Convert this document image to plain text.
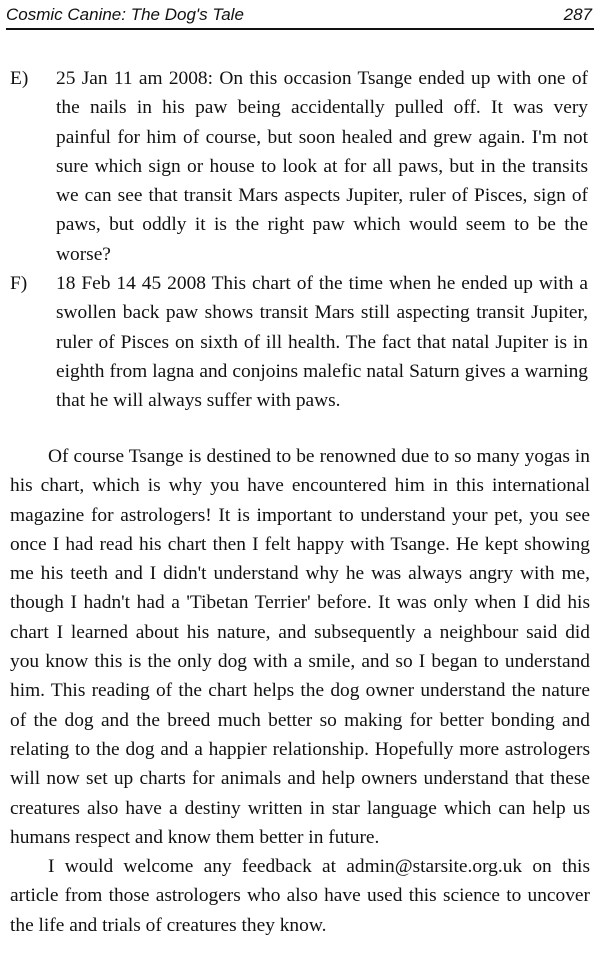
Cosmic Canine: The Dog's Tale	287
E)	25 Jan 11 am 2008: On this occasion Tsange ended up with one of the nails in his paw being accidentally pulled off. It was very painful for him of course, but soon healed and grew again. I'm not sure which sign or house to look at for all paws, but in the transits we can see that transit Mars aspects Jupiter, ruler of Pisces, sign of paws, but oddly it is the right paw which would seem to be the worse?
F)	18 Feb 14 45 2008 This chart of the time when he ended up with a swollen back paw shows transit Mars still aspecting transit Jupiter, ruler of Pisces on sixth of ill health. The fact that natal Jupiter is in eighth from lagna and conjoins malefic natal Saturn gives a warning that he will always suffer with paws.

Of course Tsange is destined to be renowned due to so many yogas in his chart, which is why you have encountered him in this international magazine for astrologers! It is important to understand your pet, you see once I had read his chart then I felt happy with Tsange. He kept showing me his teeth and I didn't understand why he was always angry with me, though I hadn't had a 'Tibetan Terrier' before. It was only when I did his chart I learned about his nature, and subsequently a neighbour said did you know this is the only dog with a smile, and so I began to understand him. This reading of the chart helps the dog owner understand the nature of the dog and the breed much better so making for better bonding and relating to the dog and a happier relationship. Hopefully more astrologers will now set up charts for animals and help owners understand that these creatures also have a destiny written in star language which can help us humans respect and know them better in future.

I would welcome any feedback at admin@starsite.org.uk on this article from those astrologers who also have used this science to uncover the life and trials of creatures they know.
